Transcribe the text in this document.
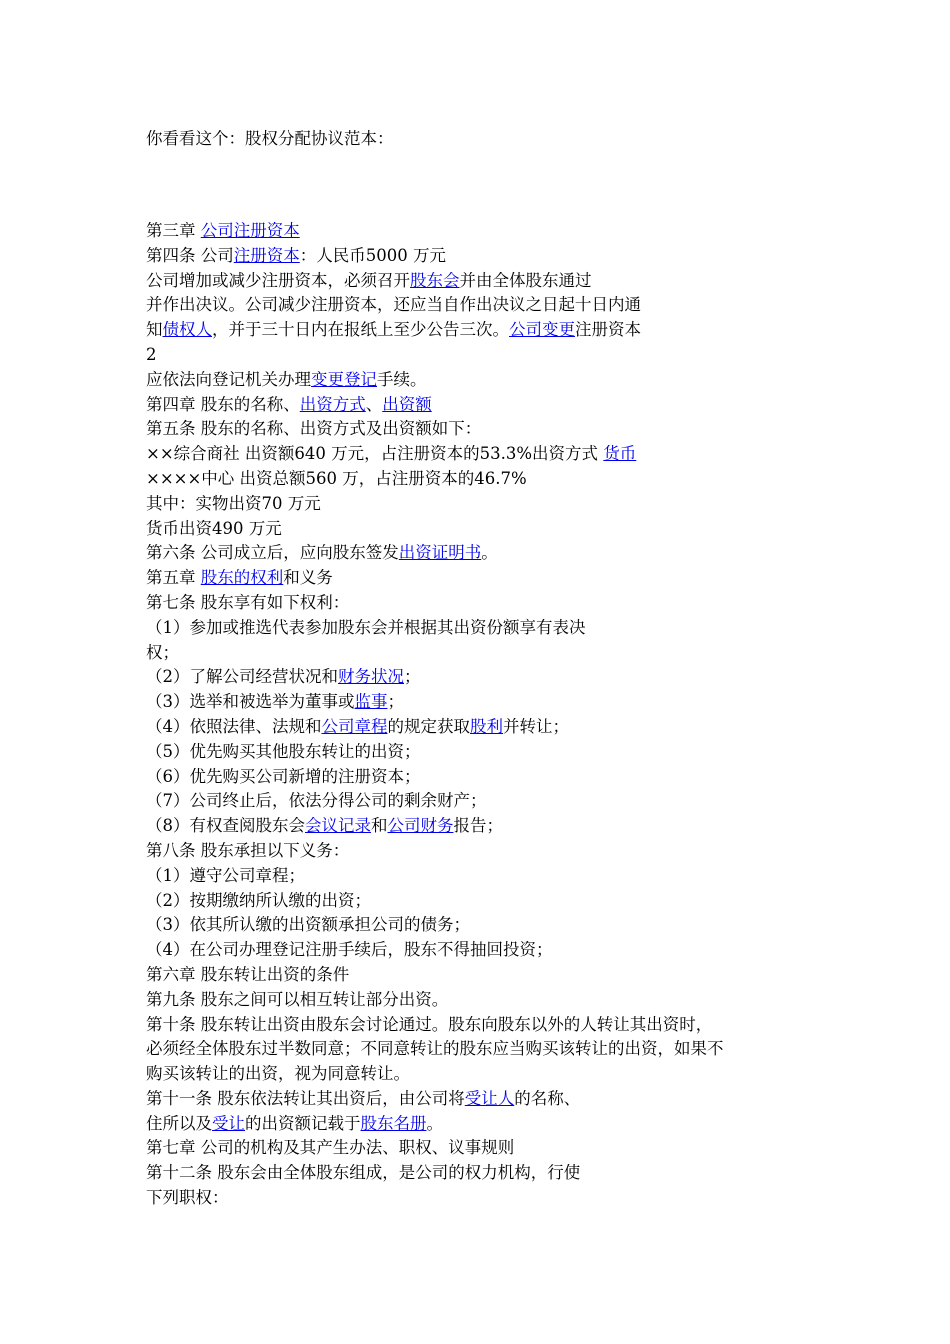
你看看这个：股权分配协议范本：
第三章 公司注册资本
第四条 公司注册资本：人民币5000 万元
公司增加或减少注册资本，必须召开股东会并由全体股东通过
并作出决议。公司减少注册资本，还应当自作出决议之日起十日内通
知债权人，并于三十日内在报纸上至少公告三次。公司变更注册资本
2
应依法向登记机关办理变更登记手续。
第四章 股东的名称、出资方式、出资额
第五条 股东的名称、出资方式及出资额如下：
××综合商社 出资额640 万元，占注册资本的53.3%出资方式 货币
××××中心 出资总额560 万，占注册资本的46.7%
其中：实物出资70 万元
货币出资490 万元
第六条 公司成立后，应向股东签发出资证明书。
第五章 股东的权利和义务
第七条 股东享有如下权利：
（1）参加或推选代表参加股东会并根据其出资份额享有表决
权；
（2）了解公司经营状况和财务状况；
（3）选举和被选举为董事或监事；
（4）依照法律、法规和公司章程的规定获取股利并转让；
（5）优先购买其他股东转让的出资；
（6）优先购买公司新增的注册资本；
（7）公司终止后，依法分得公司的剩余财产；
（8）有权查阅股东会会议记录和公司财务报告；
第八条 股东承担以下义务：
（1）遵守公司章程；
（2）按期缴纳所认缴的出资；
（3）依其所认缴的出资额承担公司的债务；
（4）在公司办理登记注册手续后，股东不得抽回投资；
第六章 股东转让出资的条件
第九条 股东之间可以相互转让部分出资。
第十条 股东转让出资由股东会讨论通过。股东向股东以外的人转让其出资时，
必须经全体股东过半数同意；不同意转让的股东应当购买该转让的出资，如果不
购买该转让的出资，视为同意转让。
第十一条 股东依法转让其出资后，由公司将受让人的名称、
住所以及受让的出资额记载于股东名册。
第七章 公司的机构及其产生办法、职权、议事规则
第十二条 股东会由全体股东组成，是公司的权力机构，行使
下列职权：
